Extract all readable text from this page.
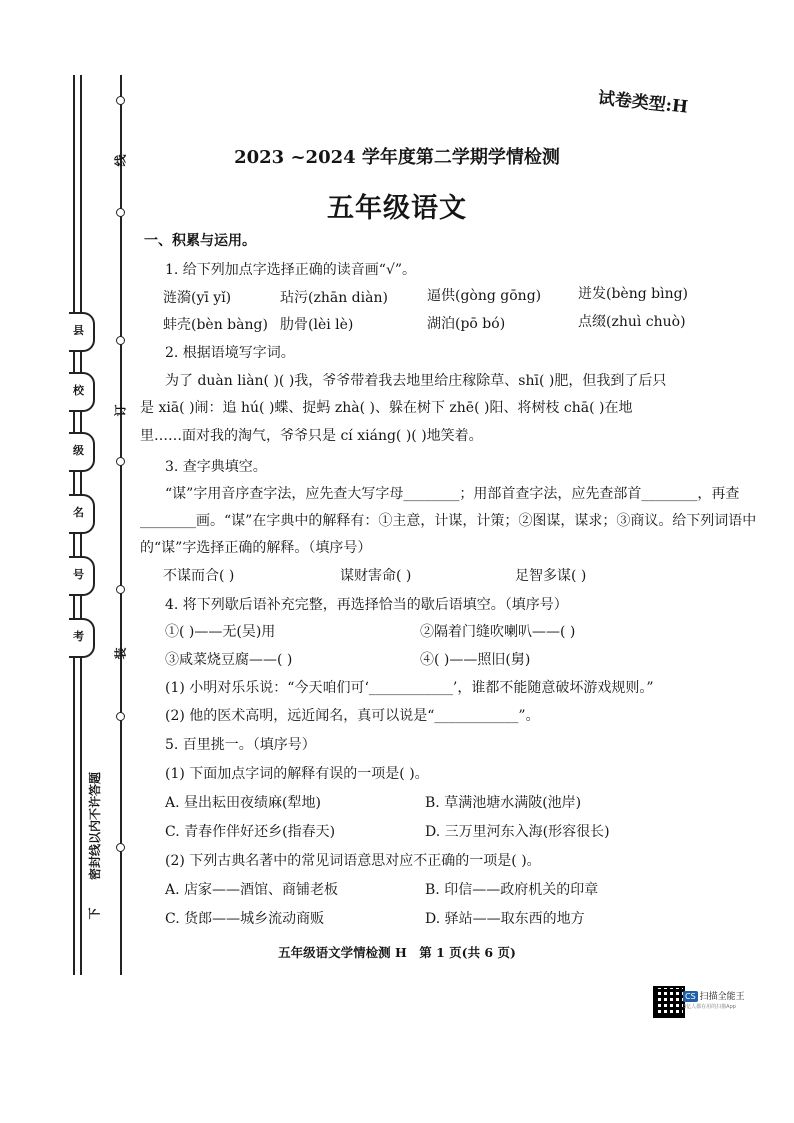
县
校
级
名
号
考
线
订
装
密封线以内不许答题
下
试卷类型:H
2023 ~2024 学年度第二学期学情检测
五年级语文
一、积累与运用。
1. 给下列加点字选择正确的读音画“√”。
涟漪(yī yǐ)	玷污(zhān diàn)	逼供(gòng gōng)	迸发(bèng bìng)
蚌壳(bèn bàng) 肋骨(lèi lè)	湖泊(pō bó)	点缀(zhuì chuò)
2. 根据语境写字词。
为了 duàn liàn( )( )我，爷爷带着我去地里给庄稼除草、shī( )肥，但我到了后只
是 xiā( )闹：追 hú( )蝶、捉蚂 zhà( )、躲在树下 zhē( )阳、将树枝 chā( )在地
里……面对我的淘气，爷爷只是 cí xiáng( )( )地笑着。
3. 查字典填空。
“谋”字用音序查字法，应先查大写字母________；用部首查字法，应先查部首________，再查
________画。“谋”在字典中的解释有：①主意，计谋，计策；②图谋，谋求；③商议。给下列词语中
的“谋”字选择正确的解释。（填序号）
不谋而合( )	谋财害命( )	足智多谋( )
4. 将下列歇后语补充完整，再选择恰当的歇后语填空。（填序号）
①( )——无(吴)用	②隔着门缝吹喇叭——( )
③咸菜烧豆腐——( )	④( )——照旧(舅)
(1) 小明对乐乐说：“今天咱们可‘____________’，谁都不能随意破坏游戏规则。”
(2) 他的医术高明，远近闻名，真可以说是“____________”。
5. 百里挑一。（填序号）
(1) 下面加点字词的解释有误的一项是( )。
A. 昼出耘田夜绩麻(犁地)	B. 草满池塘水满陂(池岸)
C. 青春作伴好还乡(指春天)	D. 三万里河东入海(形容很长)
(2) 下列古典名著中的常见词语意思对应不正确的一项是( )。
A. 店家——酒馆、商铺老板	B. 印信——政府机关的印章
C. 货郎——城乡流动商贩	D. 驿站——取东西的地方
五年级语文学情检测 H　第 1 页(共 6 页)
CS 扫描全能王
3亿人都在用的扫描App
